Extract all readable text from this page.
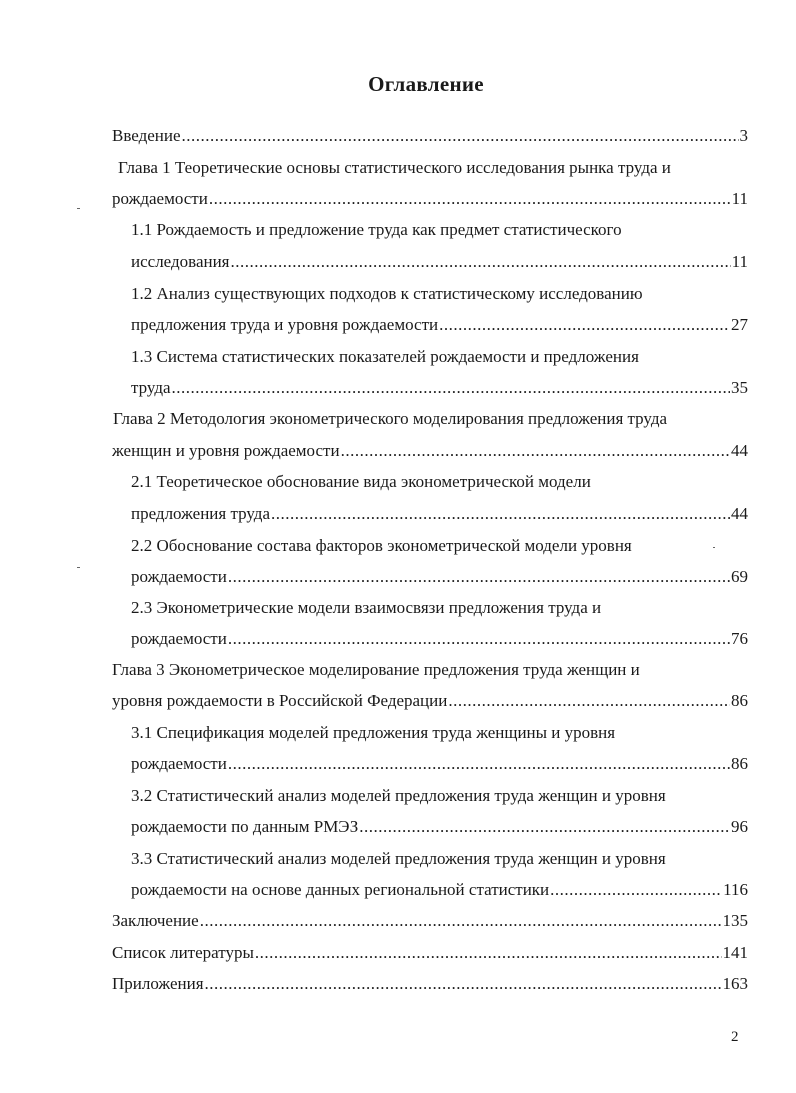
Оглавление
Введение .....	3
Глава 1 Теоретические основы статистического исследования рынка труда и
рождаемости .....	11
1.1 Рождаемость и предложение труда как предмет статистического
исследования .....	11
1.2 Анализ существующих подходов к статистическому исследованию
предложения труда и уровня рождаемости .....	27
1.3 Система статистических показателей рождаемости и предложения
труда .....	35
Глава 2 Методология эконометрического моделирования предложения труда
женщин и уровня рождаемости .....	44
2.1 Теоретическое обоснование вида эконометрической модели
предложения труда .....	44
2.2 Обоснование состава факторов эконометрической модели уровня
рождаемости .....	69
2.3 Эконометрические модели взаимосвязи предложения труда и
рождаемости .....	76
Глава 3 Эконометрическое моделирование предложения труда женщин и
уровня рождаемости в Российской Федерации .....	86
3.1 Спецификация моделей предложения труда женщины и уровня
рождаемости .....	86
3.2 Статистический анализ моделей предложения труда женщин и уровня
рождаемости по данным РМЭЗ .....	96
3.3 Статистический анализ моделей предложения труда женщин и уровня
рождаемости на основе данных региональной статистики .....	116
Заключение .....	135
Список литературы .....	141
Приложения .....	163
2
